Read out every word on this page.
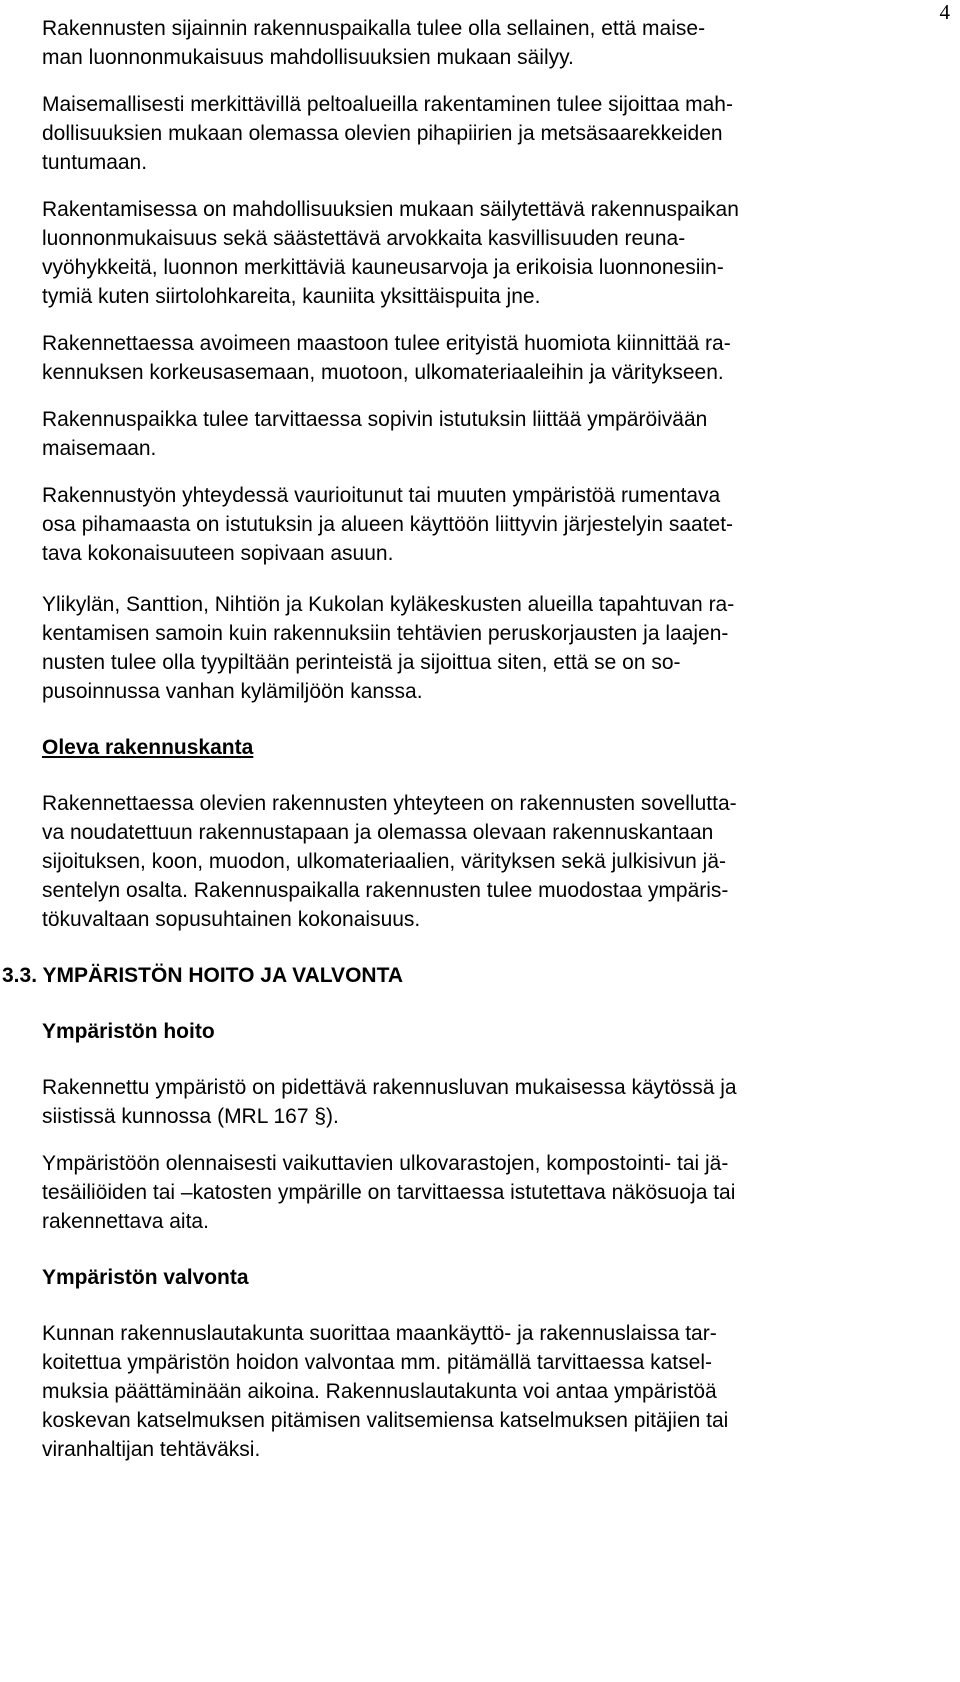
4

Rakennusten sijainnin rakennuspaikalla tulee olla sellainen, että maise-
man luonnonmukaisuus mahdollisuuksien mukaan säilyy.

Maisemallisesti merkittävillä peltoalueilla rakentaminen tulee sijoittaa mah-
dollisuuksien mukaan olemassa olevien pihapiirien ja metsäsaarekkeiden
tuntumaan.

Rakentamisessa on mahdollisuuksien mukaan säilytettävä rakennuspaikan
luonnonmukaisuus sekä säästettävä arvokkaita kasvillisuuden reuna-
vyöhykkeitä, luonnon merkittäviä kauneusarvoja ja erikoisia luonnonesiin-
tymiä kuten siirtolohkareita, kauniita yksittäispuita jne.

Rakennettaessa avoimeen maastoon tulee erityistä huomiota kiinnittää ra-
kennuksen korkeusasemaan, muotoon, ulkomateriaaleihin ja väritykseen.

Rakennuspaikka tulee tarvittaessa sopivin istutuksin liittää ympäröivään
maisemaan.

Rakennustyön yhteydessä vaurioitunut tai muuten ympäristöä rumentava
osa pihamaasta on istutuksin ja alueen käyttöön liittyvin järjestelyin saatet-
tava kokonaisuuteen sopivaan asuun.

Ylikylän, Santtion, Nihtiön ja Kukolan kyläkeskusten alueilla tapahtuvan ra-
kentamisen samoin kuin rakennuksiin tehtävien peruskorjausten ja laajen-
nusten tulee olla tyypiltään perinteistä ja sijoittua siten, että se on so-
pusoinnussa vanhan kylämiljöön kanssa.

Oleva rakennuskanta

Rakennettaessa olevien rakennusten yhteyteen on rakennusten sovellutta-
va noudatettuun rakennustapaan ja olemassa olevaan rakennuskantaan
sijoituksen, koon, muodon, ulkomateriaalien, värityksen sekä julkisivun jä-
sentelyn osalta. Rakennuspaikalla rakennusten tulee muodostaa ympäris-
tökuvaltaan sopusuhtainen kokonaisuus.

3.3. YMPÄRISTÖN HOITO JA VALVONTA
Ympäristön hoito

Rakennettu ympäristö on pidettävä rakennusluvan mukaisessa käytössä ja
siistissä kunnossa (MRL 167 §).

Ympäristöön olennaisesti vaikuttavien ulkovarastojen, kompostointi- tai jä-
tesäiliöiden tai –katosten ympärille on tarvittaessa istutettava näkösuoja tai
rakennettava aita.

Ympäristön valvonta

Kunnan rakennuslautakunta suorittaa maankäyttö- ja rakennuslaissa tar-
koitettua ympäristön hoidon valvontaa mm. pitämällä tarvittaessa katsel-
muksia päättäminään aikoina. Rakennuslautakunta voi antaa ympäristöä
koskevan katselmuksen pitämisen valitsemiensa katselmuksen pitäjien tai
viranhaltijan tehtäväksi.
